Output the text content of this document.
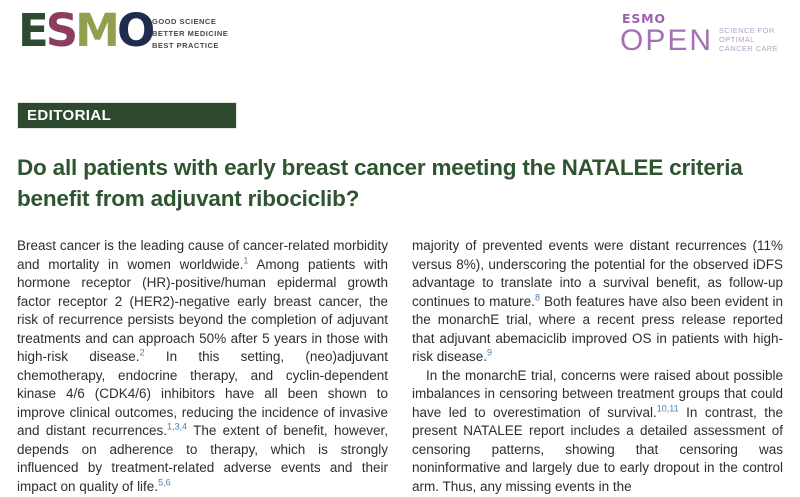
E S M O GOOD SCIENCE
BETTER MEDICINE
BEST PRACTICE
ESMO
OPEN SCIENCE FOR OPTIMAL
CANCER CARE
EDITORIAL
Do all patients with early breast cancer meeting the NATALEE criteria benefit from adjuvant ribociclib?

Breast cancer is the leading cause of cancer-related morbidity and mortality in women worldwide.$^1$ Among patients with hormone receptor (HR)-positive/human epidermal growth factor receptor 2 (HER2)-negative early breast cancer, the risk of recurrence persists beyond the completion of adjuvant treatments and can approach 50% after 5 years in those with high-risk disease.$^2$ In this setting, (neo)adjuvant chemotherapy, endocrine therapy, and cyclin-dependent kinase 4/6 (CDK4/6) inhibitors have all been shown to improve clinical outcomes, reducing the incidence of invasive and distant recurrences.$^{1,3,4}$ The extent of benefit, however, depends on adherence to therapy, which is strongly influenced by treatment-related adverse events and their impact on quality of life.$^{5,6}$

majority of prevented events were distant recurrences (11% versus 8%), underscoring the potential for the observed iDFS advantage to translate into a survival benefit, as follow-up continues to mature.$^8$ Both features have also been evident in the monarchE trial, where a recent press release reported that adjuvant abemaciclib improved OS in patients with high-risk disease.$^9$

In the monarchE trial, concerns were raised about possible imbalances in censoring between treatment groups that could have led to overestimation of survival.$^{10,11}$ In contrast, the present NATALEE report includes a detailed assessment of censoring patterns, showing that censoring was noninformative and largely due to early dropout in the control arm. Thus, any missing events in the
